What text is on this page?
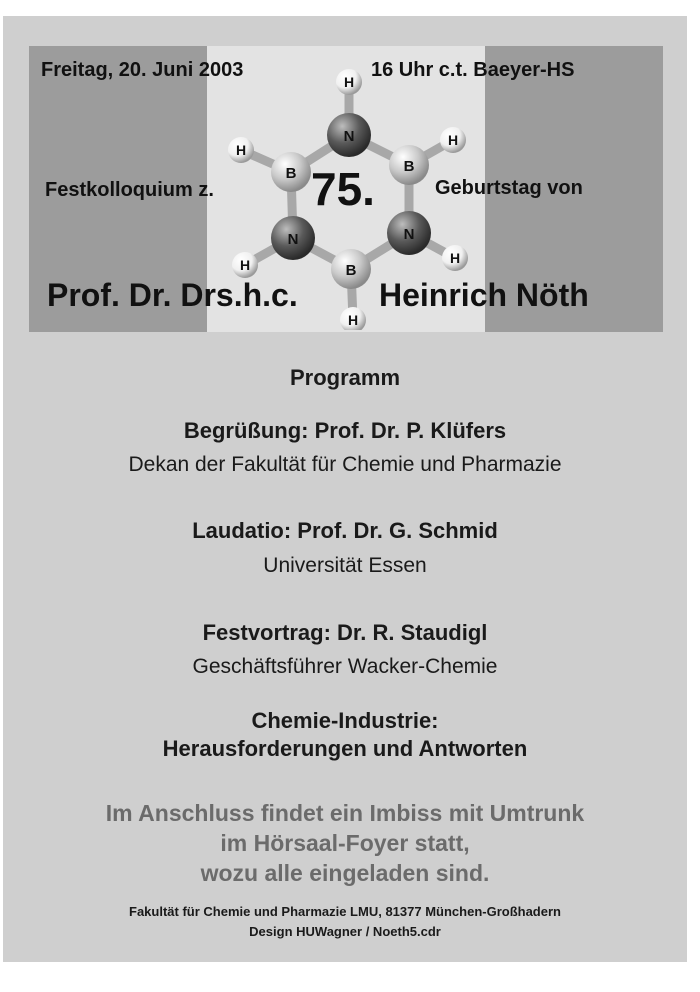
H
H
H
H	H
H
N
B	B
N	N
B
Freitag, 20. Juni 2003	16 Uhr c.t. Baeyer-HS
Festkolloquium z. 75.	Geburtstag von
Prof. Dr. Drs.h.c.	Heinrich Nöth
Programm
Begrüßung: Prof. Dr. P. Klüfers
Dekan der Fakultät für Chemie und Pharmazie
Laudatio: Prof. Dr. G. Schmid
Universität Essen
Festvortrag: Dr. R. Staudigl
Geschäftsführer Wacker-Chemie
Chemie-Industrie:
Herausforderungen und Antworten
Im Anschluss findet ein Imbiss mit Umtrunk
im Hörsaal-Foyer statt,
wozu alle eingeladen sind.
Fakultät für Chemie und Pharmazie LMU, 81377 München-Großhadern
Design HUWagner / Noeth5.cdr
